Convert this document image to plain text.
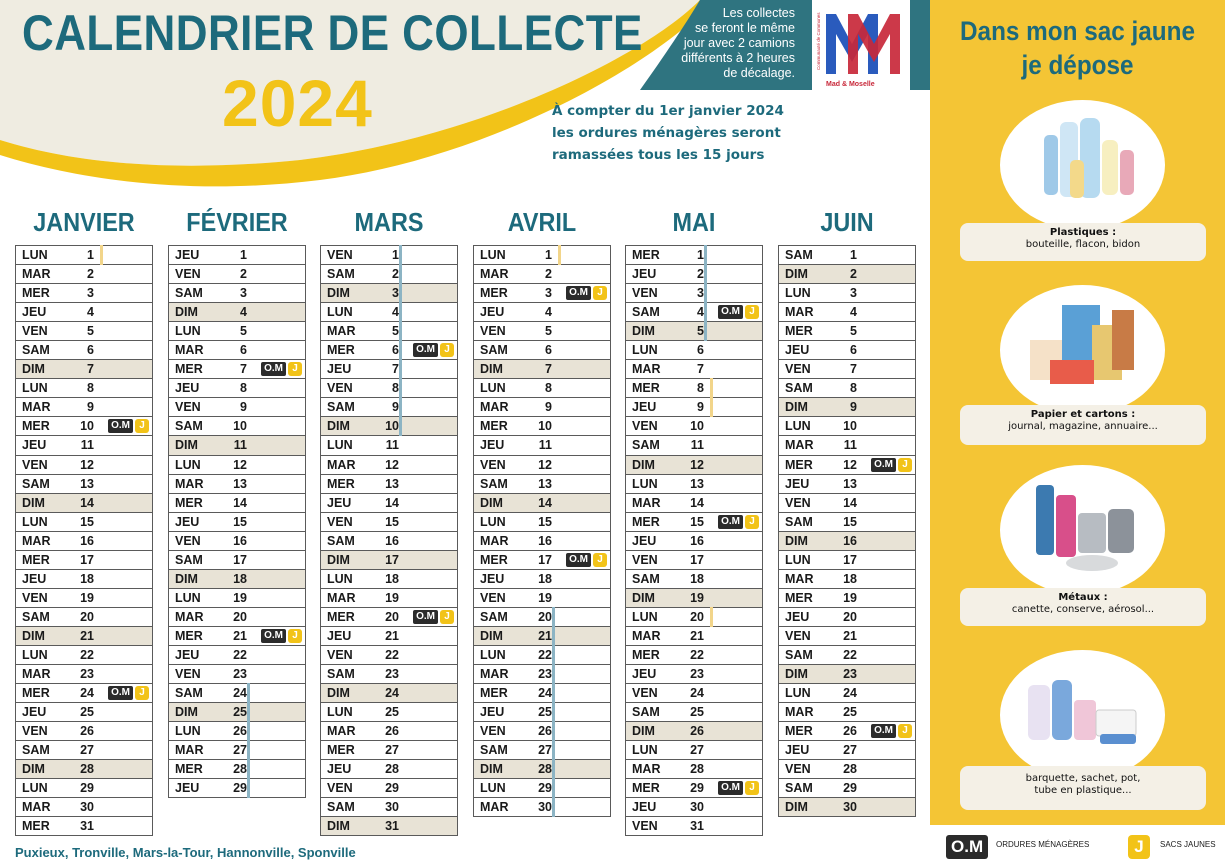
CALENDRIER DE COLLECTE
2024
Les collectes
se feront le même
jour avec 2 camions
différents à 2 heures
de décalage.
À compter du 1er janvier 2024
les ordures ménagères seront
ramassées tous les 15 jours
Communauté de Communes
Mad & Moselle
JANVIER
LUN	1
MAR	2
MER	3
JEU	4
VEN	5
SAM	6
DIM	7
LUN	8
MAR	9
MER	10	O.M J
JEU	11
VEN	12
SAM	13
DIM	14
LUN	15
MAR	16
MER	17
JEU	18
VEN	19
SAM	20
DIM	21
LUN	22
MAR	23
MER	24	O.M J
JEU	25
VEN	26
SAM	27
DIM	28
LUN	29
MAR	30
MER	31
FÉVRIER
JEU	1
VEN	2
SAM	3
DIM	4
LUN	5
MAR	6
MER	7	O.M J
JEU	8
VEN	9
SAM	10
DIM	11
LUN	12
MAR	13
MER	14
JEU	15
VEN	16
SAM	17
DIM	18
LUN	19
MAR	20
MER	21	O.M J
JEU	22
VEN	23
SAM	24
DIM	25
LUN	26
MAR	27
MER	28
JEU	29
MARS
VEN	1
SAM	2
DIM	3
LUN	4
MAR	5
MER	6	O.M J
JEU	7
VEN	8
SAM	9
DIM	10
LUN	11
MAR	12
MER	13
JEU	14
VEN	15
SAM	16
DIM	17
LUN	18
MAR	19
MER	20	O.M J
JEU	21
VEN	22
SAM	23
DIM	24
LUN	25
MAR	26
MER	27
JEU	28
VEN	29
SAM	30
DIM	31
AVRIL
LUN	1
MAR	2
MER	3	O.M J
JEU	4
VEN	5
SAM	6
DIM	7
LUN	8
MAR	9
MER	10
JEU	11
VEN	12
SAM	13
DIM	14
LUN	15
MAR	16
MER	17	O.M J
JEU	18
VEN	19
SAM	20
DIM	21
LUN	22
MAR	23
MER	24
JEU	25
VEN	26
SAM	27
DIM	28
LUN	29
MAR	30
MAI
MER	1
JEU	2
VEN	3
SAM	4	O.M J
DIM	5
LUN	6
MAR	7
MER	8
JEU	9
VEN	10
SAM	11
DIM	12
LUN	13
MAR	14
MER	15	O.M J
JEU	16
VEN	17
SAM	18
DIM	19
LUN	20
MAR	21
MER	22
JEU	23
VEN	24
SAM	25
DIM	26
LUN	27
MAR	28
MER	29	O.M J
JEU	30
VEN	31
JUIN
SAM	1
DIM	2
LUN	3
MAR	4
MER	5
JEU	6
VEN	7
SAM	8
DIM	9
LUN	10
MAR	11
MER	12	O.M J
JEU	13
VEN	14
SAM	15
DIM	16
LUN	17
MAR	18
MER	19
JEU	20
VEN	21
SAM	22
DIM	23
LUN	24
MAR	25
MER	26	O.M J
JEU	27
VEN	28
SAM	29
DIM	30
Puxieux, Tronville, Mars-la-Tour, Hannonville, Sponville
Dans mon sac jaune
je dépose
Plastiques :
bouteille, flacon, bidon
Papier et cartons :
journal, magazine, annuaire...
Métaux :
canette, conserve, aérosol...
barquette, sachet, pot,
tube en plastique...
O.M	ORDURES MÉNAGÈRES	J	SACS JAUNES
